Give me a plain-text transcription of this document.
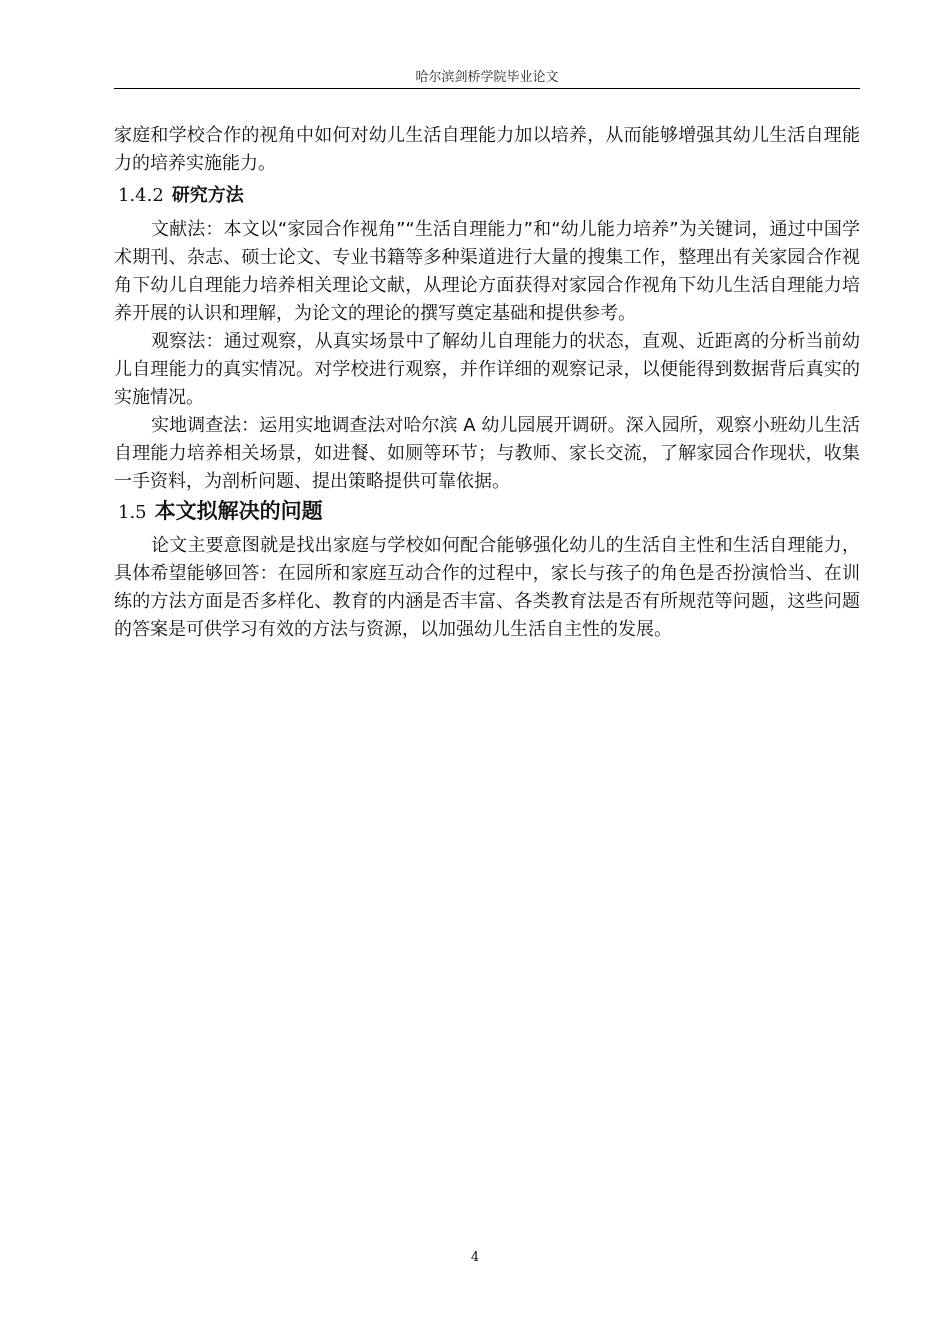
哈尔滨剑桥学院毕业论文

家庭和学校合作的视角中如何对幼儿生活自理能力加以培养，从而能够增强其幼儿生活自理能力的培养实施能力。

1.4.2 研究方法

文献法：本文以“家园合作视角”“生活自理能力”和“幼儿能力培养”为关键词，通过中国学术期刊、杂志、硕士论文、专业书籍等多种渠道进行大量的搜集工作，整理出有关家园合作视角下幼儿自理能力培养相关理论文献，从理论方面获得对家园合作视角下幼儿生活自理能力培养开展的认识和理解，为论文的理论的撰写奠定基础和提供参考。

观察法：通过观察，从真实场景中了解幼儿自理能力的状态，直观、近距离的分析当前幼儿自理能力的真实情况。对学校进行观察，并作详细的观察记录，以便能得到数据背后真实的实施情况。

实地调查法：运用实地调查法对哈尔滨 A 幼儿园展开调研。深入园所，观察小班幼儿生活自理能力培养相关场景，如进餐、如厕等环节；与教师、家长交流，了解家园合作现状，收集一手资料，为剖析问题、提出策略提供可靠依据。

1.5 本文拟解决的问题

论文主要意图就是找出家庭与学校如何配合能够强化幼儿的生活自主性和生活自理能力，具体希望能够回答：在园所和家庭互动合作的过程中，家长与孩子的角色是否扮演恰当、在训练的方法方面是否多样化、教育的内涵是否丰富、各类教育法是否有所规范等问题，这些问题的答案是可供学习有效的方法与资源，以加强幼儿生活自主性的发展。

4
